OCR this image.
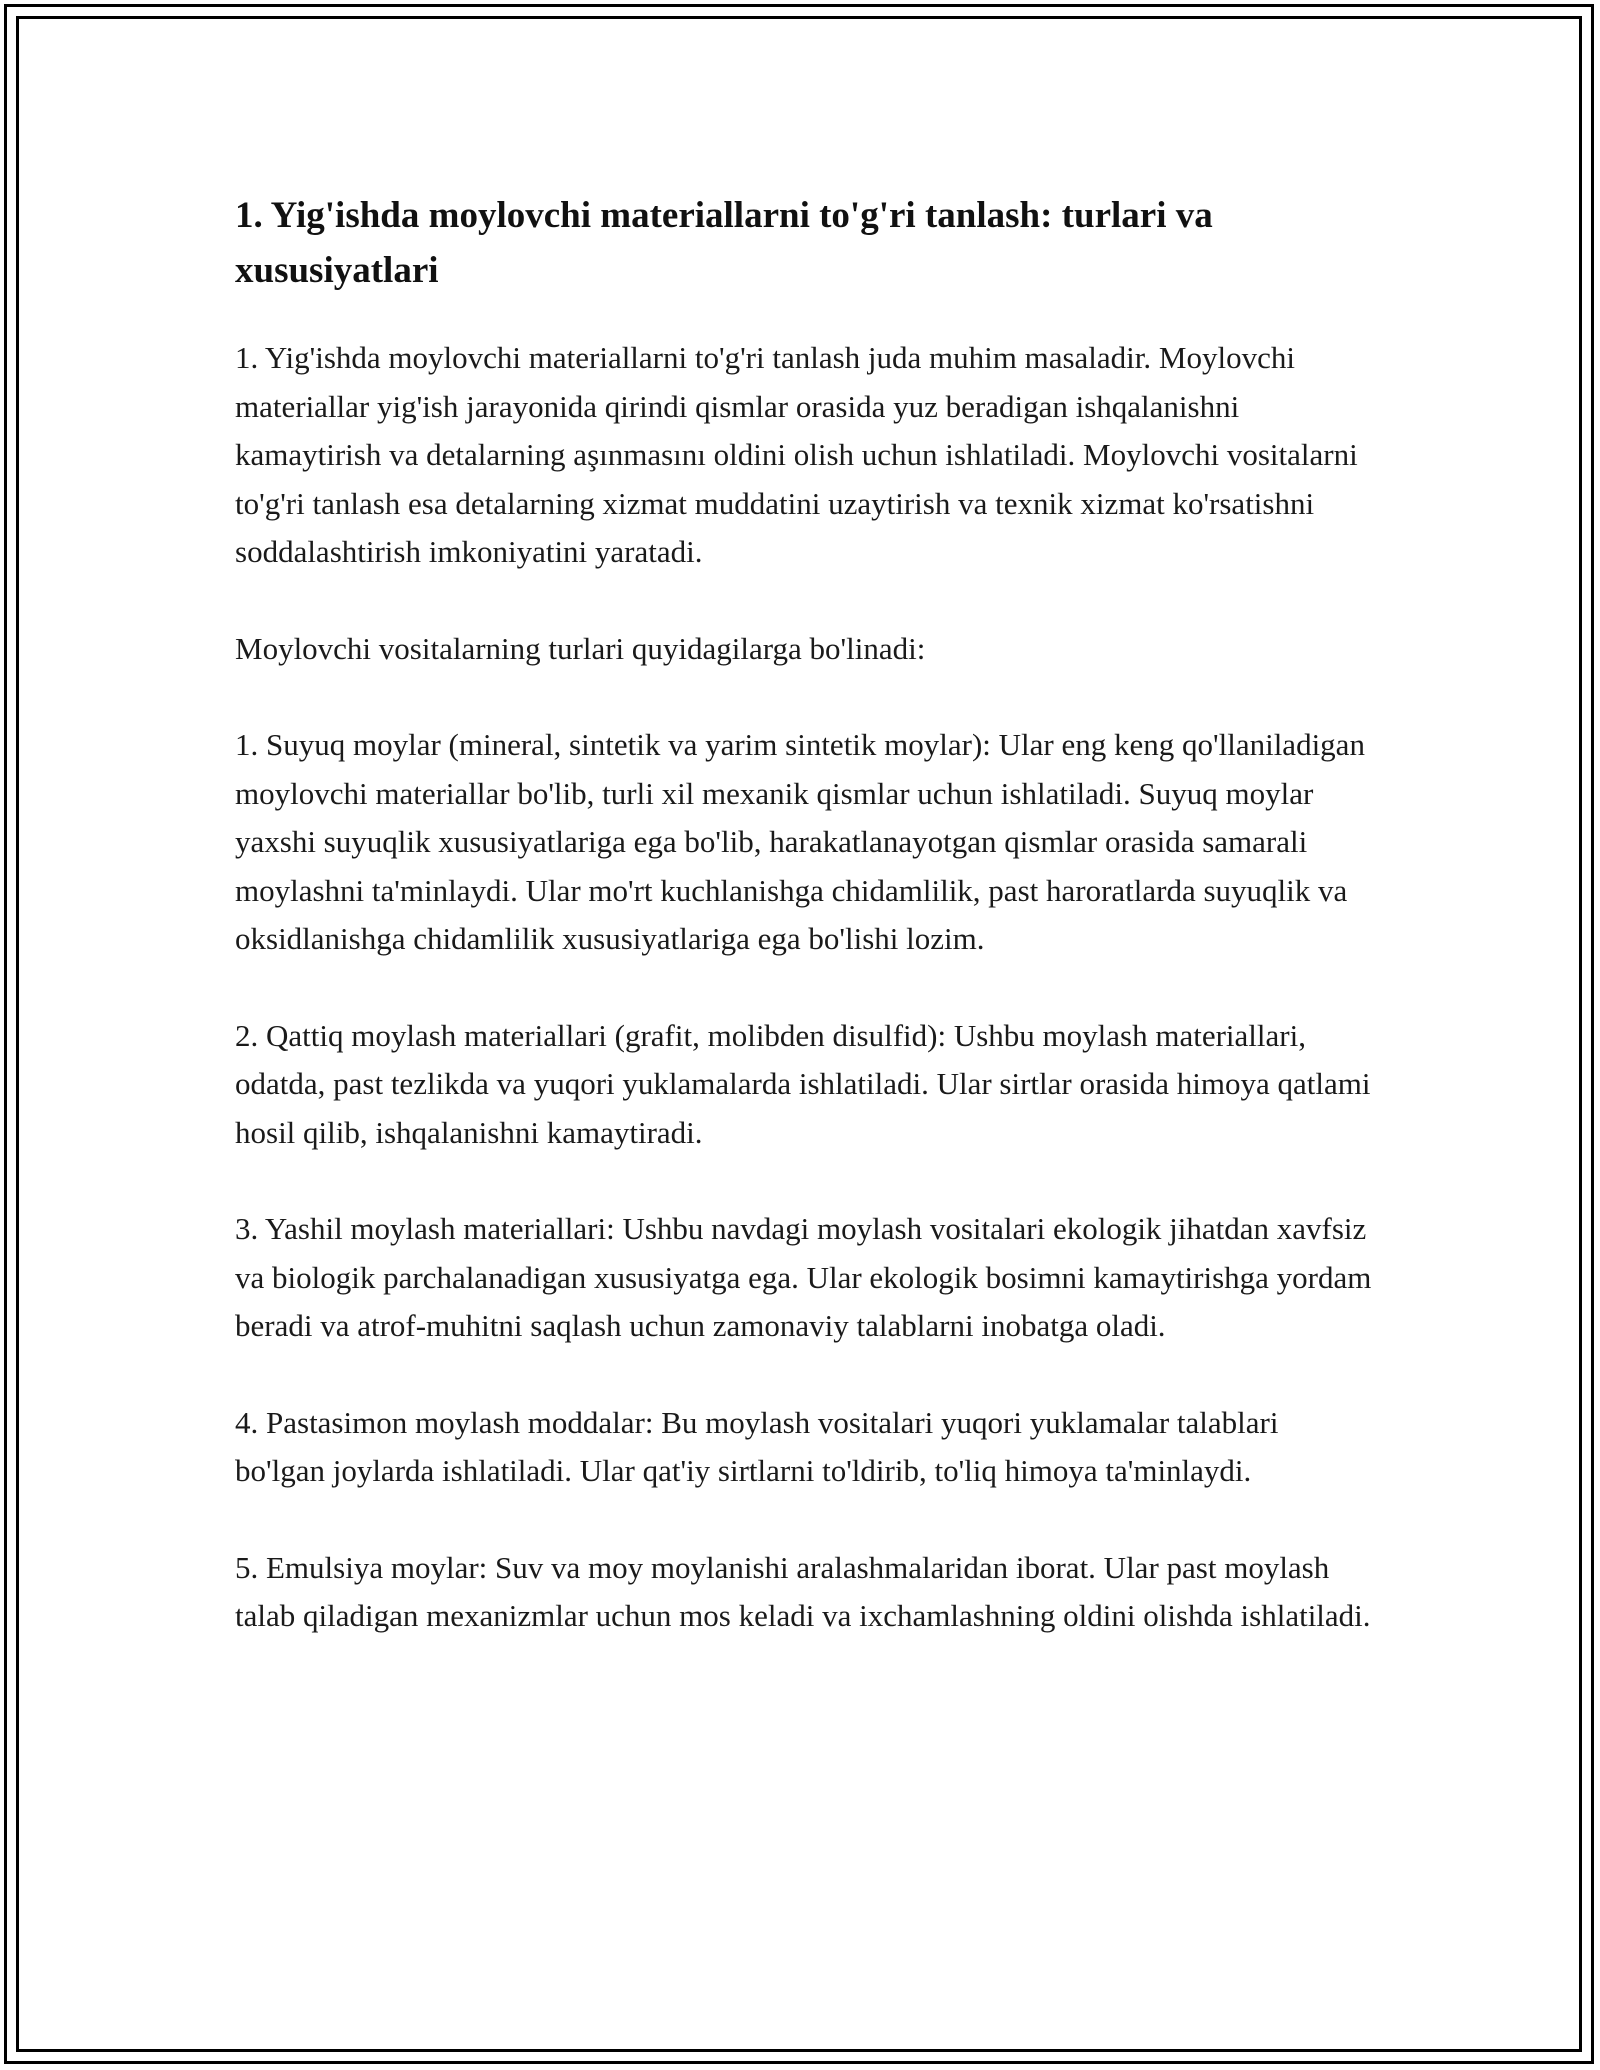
1. Yig'ishda moylovchi materiallarni to'g'ri tanlash: turlari va xususiyatlari

1. Yig'ishda moylovchi materiallarni to'g'ri tanlash juda muhim masaladir. Moylovchi materiallar yig'ish jarayonida qirindi qismlar orasida yuz beradigan ishqalanishni kamaytirish va detalarning aşınmasını oldini olish uchun ishlatiladi. Moylovchi vositalarni to'g'ri tanlash esa detalarning xizmat muddatini uzaytirish va texnik xizmat ko'rsatishni soddalashtirish imkoniyatini yaratadi.

Moylovchi vositalarning turlari quyidagilarga bo'linadi:

1. Suyuq moylar (mineral, sintetik va yarim sintetik moylar): Ular eng keng qo'llaniladigan moylovchi materiallar bo'lib, turli xil mexanik qismlar uchun ishlatiladi. Suyuq moylar yaxshi suyuqlik xususiyatlariga ega bo'lib, harakatlanayotgan qismlar orasida samarali moylashni ta'minlaydi. Ular mo'rt kuchlanishga chidamlilik, past haroratlarda suyuqlik va oksidlanishga chidamlilik xususiyatlariga ega bo'lishi lozim.

2. Qattiq moylash materiallari (grafit, molibden disulfid): Ushbu moylash materiallari, odatda, past tezlikda va yuqori yuklamalarda ishlatiladi. Ular sirtlar orasida himoya qatlami hosil qilib, ishqalanishni kamaytiradi.

3. Yashil moylash materiallari: Ushbu navdagi moylash vositalari ekologik jihatdan xavfsiz va biologik parchalanadigan xususiyatga ega. Ular ekologik bosimni kamaytirishga yordam beradi va atrof-muhitni saqlash uchun zamonaviy talablarni inobatga oladi.

4. Pastasimon moylash moddalar: Bu moylash vositalari yuqori yuklamalar talablari bo'lgan joylarda ishlatiladi. Ular qat'iy sirtlarni to'ldirib, to'liq himoya ta'minlaydi.

5. Emulsiya moylar: Suv va moy moylanishi aralashmalaridan iborat. Ular past moylash talab qiladigan mexanizmlar uchun mos keladi va ixchamlashning oldini olishda ishlatiladi.
